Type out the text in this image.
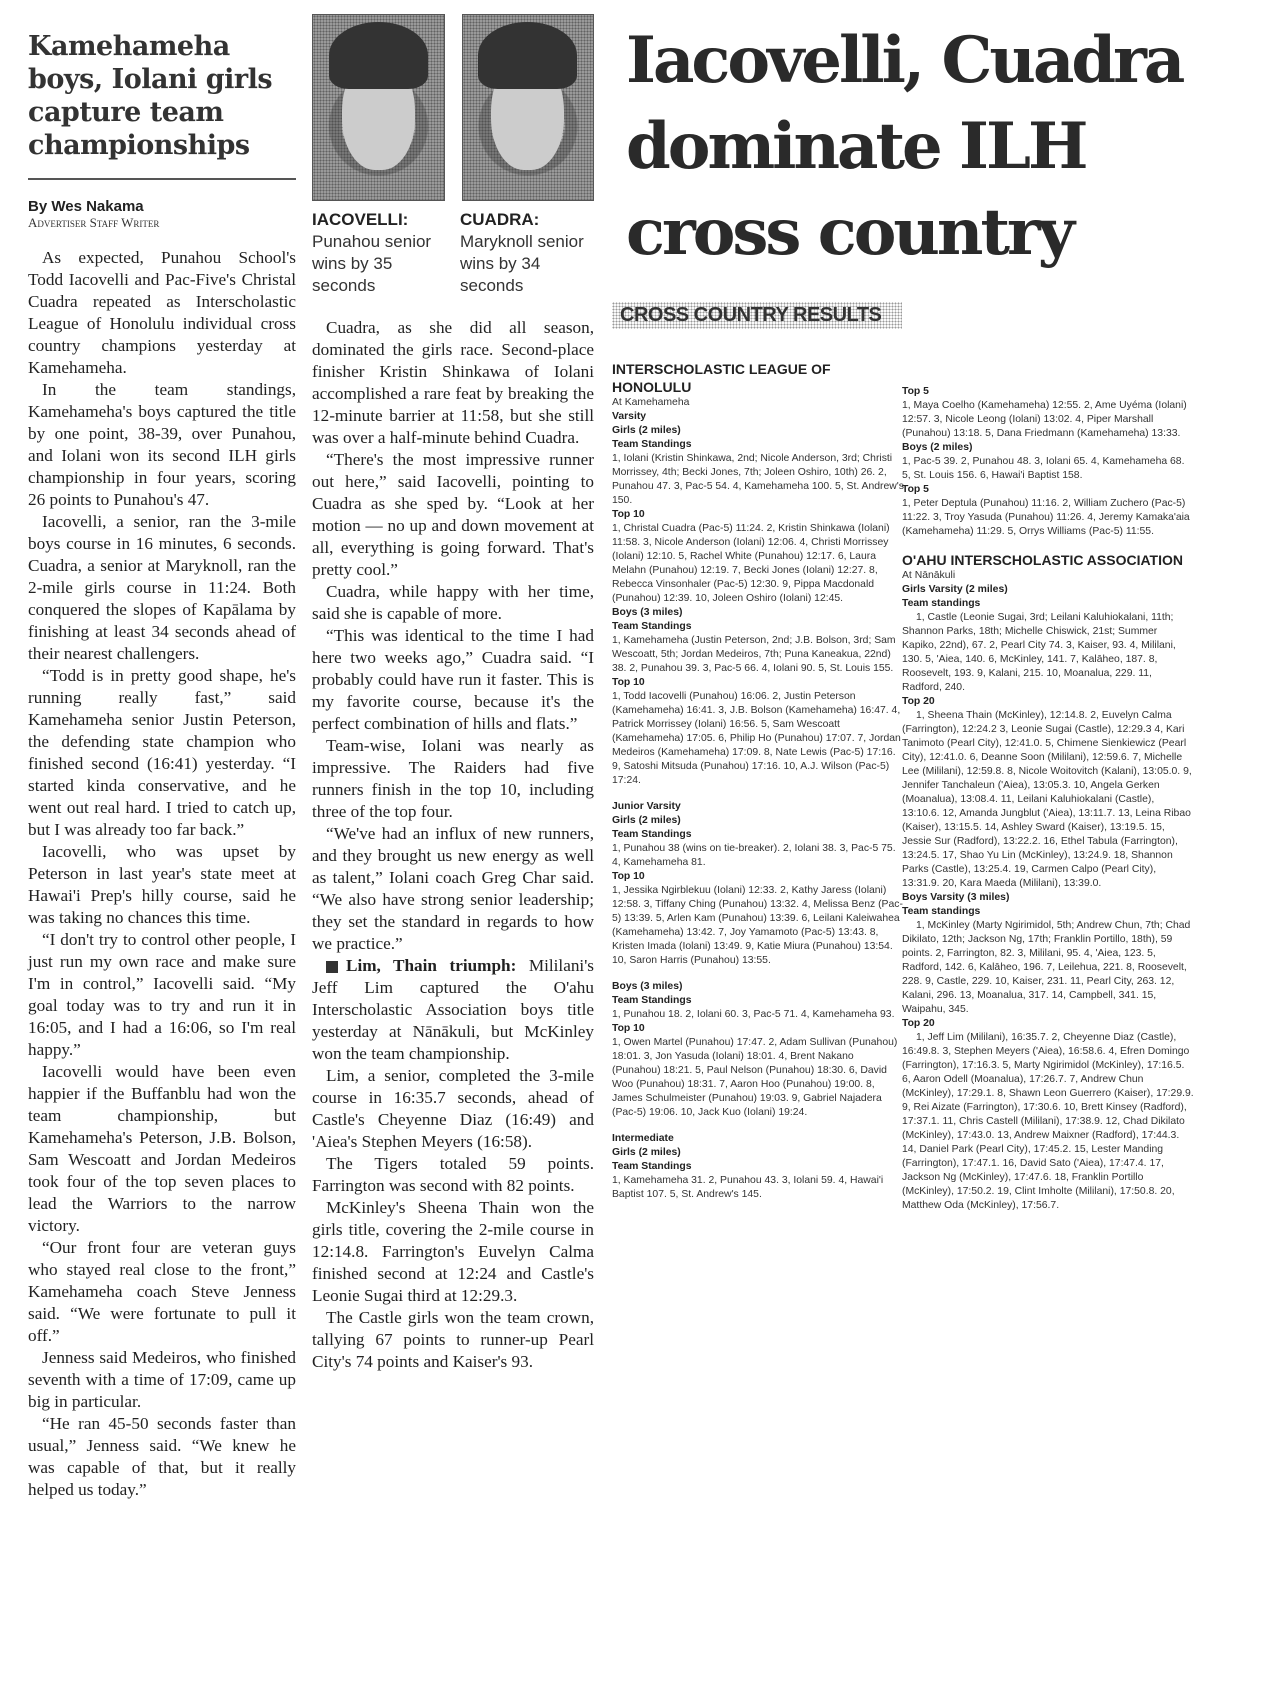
Kamehameha boys, Iolani girls capture team championships
By Wes Nakama
Advertiser Staff Writer

As expected, Punahou School's Todd Iacovelli and Pac-Five's Christal Cuadra repeated as Interscholastic League of Honolulu individual cross country champions yesterday at Kamehameha.

In the team standings, Kamehameha's boys captured the title by one point, 38-39, over Punahou, and Iolani won its second ILH girls championship in four years, scoring 26 points to Punahou's 47.

Iacovelli, a senior, ran the 3-mile boys course in 16 minutes, 6 seconds. Cuadra, a senior at Maryknoll, ran the 2-mile girls course in 11:24. Both conquered the slopes of Kapālama by finishing at least 34 seconds ahead of their nearest challengers.

“Todd is in pretty good shape, he's running really fast,” said Kamehameha senior Justin Peterson, the defending state champion who finished second (16:41) yesterday. “I started kinda conservative, and he went out real hard. I tried to catch up, but I was already too far back.”

Iacovelli, who was upset by Peterson in last year's state meet at Hawai'i Prep's hilly course, said he was taking no chances this time.

“I don't try to control other people, I just run my own race and make sure I'm in control,” Iacovelli said. “My goal today was to try and run it in 16:05, and I had a 16:06, so I'm real happy.”

Iacovelli would have been even happier if the Buffanblu had won the team championship, but Kamehameha's Peterson, J.B. Bolson, Sam Wescoatt and Jordan Medeiros took four of the top seven places to lead the Warriors to the narrow victory.

“Our front four are veteran guys who stayed real close to the front,” Kamehameha coach Steve Jenness said. “We were fortunate to pull it off.”

Jenness said Medeiros, who finished seventh with a time of 17:09, came up big in particular.

“He ran 45-50 seconds faster than usual,” Jenness said. “We knew he was capable of that, but it really helped us today.”

IACOVELLI:
Punahou senior wins by 35 seconds
CUADRA:
Maryknoll senior wins by 34 seconds

Cuadra, as she did all season, dominated the girls race. Second-place finisher Kristin Shinkawa of Iolani accomplished a rare feat by breaking the 12-minute barrier at 11:58, but she still was over a half-minute behind Cuadra.

“There's the most impressive runner out here,” said Iacovelli, pointing to Cuadra as she sped by. “Look at her motion — no up and down movement at all, everything is going forward. That's pretty cool.”

Cuadra, while happy with her time, said she is capable of more.

“This was identical to the time I had here two weeks ago,” Cuadra said. “I probably could have run it faster. This is my favorite course, because it's the perfect combination of hills and flats.”

Team-wise, Iolani was nearly as impressive. The Raiders had five runners finish in the top 10, including three of the top four.

“We've had an influx of new runners, and they brought us new energy as well as talent,” Iolani coach Greg Char said. “We also have strong senior leadership; they set the standard in regards to how we practice.”

Lim, Thain triumph: Mililani's Jeff Lim captured the O'ahu Interscholastic Association boys title yesterday at Nānākuli, but McKinley won the team championship.

Lim, a senior, completed the 3-mile course in 16:35.7 seconds, ahead of Castle's Cheyenne Diaz (16:49) and 'Aiea's Stephen Meyers (16:58).

The Tigers totaled 59 points. Farrington was second with 82 points.

McKinley's Sheena Thain won the girls title, covering the 2-mile course in 12:14.8. Farrington's Euvelyn Calma finished second at 12:24 and Castle's Leonie Sugai third at 12:29.3.

The Castle girls won the team crown, tallying 67 points to runner-up Pearl City's 74 points and Kaiser's 93.

Iacovelli, Cuadra dominate ILH cross country
CROSS COUNTRY RESULTS
INTERSCHOLASTIC LEAGUE OF HONOLULU
At Kamehameha
Varsity
Girls (2 miles)
Team Standings

1, Iolani (Kristin Shinkawa, 2nd; Nicole Anderson, 3rd; Christi Morrissey, 4th; Becki Jones, 7th; Joleen Oshiro, 10th) 26. 2, Punahou 47. 3, Pac-5 54. 4, Kamehameha 100. 5, St. Andrew's 150.

Top 10

1, Christal Cuadra (Pac-5) 11:24. 2, Kristin Shinkawa (Iolani) 11:58. 3, Nicole Anderson (Iolani) 12:06. 4, Christi Morrissey (Iolani) 12:10. 5, Rachel White (Punahou) 12:17. 6, Laura Melahn (Punahou) 12:19. 7, Becki Jones (Iolani) 12:27. 8, Rebecca Vinsonhaler (Pac-5) 12:30. 9, Pippa Macdonald (Punahou) 12:39. 10, Joleen Oshiro (Iolani) 12:45.

Boys (3 miles)
Team Standings

1, Kamehameha (Justin Peterson, 2nd; J.B. Bolson, 3rd; Sam Wescoatt, 5th; Jordan Medeiros, 7th; Puna Kaneakua, 22nd) 38. 2, Punahou 39. 3, Pac-5 66. 4, Iolani 90. 5, St. Louis 155.

Top 10

1, Todd Iacovelli (Punahou) 16:06. 2, Justin Peterson (Kamehameha) 16:41. 3, J.B. Bolson (Kamehameha) 16:47. 4, Patrick Morrissey (Iolani) 16:56. 5, Sam Wescoatt (Kamehameha) 17:05. 6, Philip Ho (Punahou) 17:07. 7, Jordan Medeiros (Kamehameha) 17:09. 8, Nate Lewis (Pac-5) 17:16. 9, Satoshi Mitsuda (Punahou) 17:16. 10, A.J. Wilson (Pac-5) 17:24.

Junior Varsity
Girls (2 miles)
Team Standings

1, Punahou 38 (wins on tie-breaker). 2, Iolani 38. 3, Pac-5 75. 4, Kamehameha 81.

Top 10

1, Jessika Ngirblekuu (Iolani) 12:33. 2, Kathy Jaress (Iolani) 12:58. 3, Tiffany Ching (Punahou) 13:32. 4, Melissa Benz (Pac-5) 13:39. 5, Arlen Kam (Punahou) 13:39. 6, Leilani Kaleiwahea (Kamehameha) 13:42. 7, Joy Yamamoto (Pac-5) 13:43. 8, Kristen Imada (Iolani) 13:49. 9, Katie Miura (Punahou) 13:54. 10, Saron Harris (Punahou) 13:55.

Boys (3 miles)
Team Standings

1, Punahou 18. 2, Iolani 60. 3, Pac-5 71. 4, Kamehameha 93.

Top 10

1, Owen Martel (Punahou) 17:47. 2, Adam Sullivan (Punahou) 18:01. 3, Jon Yasuda (Iolani) 18:01. 4, Brent Nakano (Punahou) 18:21. 5, Paul Nelson (Punahou) 18:30. 6, David Woo (Punahou) 18:31. 7, Aaron Hoo (Punahou) 19:00. 8, James Schulmeister (Punahou) 19:03. 9, Gabriel Najadera (Pac-5) 19:06. 10, Jack Kuo (Iolani) 19:24.

Intermediate
Girls (2 miles)
Team Standings

1, Kamehameha 31. 2, Punahou 43. 3, Iolani 59. 4, Hawai'i Baptist 107. 5, St. Andrew's 145.

Top 5

1, Maya Coelho (Kamehameha) 12:55. 2, Ame Uyéma (Iolani) 12:57. 3, Nicole Leong (Iolani) 13:02. 4, Piper Marshall (Punahou) 13:18. 5, Dana Friedmann (Kamehameha) 13:33.

Boys (2 miles)

1, Pac-5 39. 2, Punahou 48. 3, Iolani 65. 4, Kamehameha 68. 5, St. Louis 156. 6, Hawai'i Baptist 158.

Top 5

1, Peter Deptula (Punahou) 11:16. 2, William Zuchero (Pac-5) 11:22. 3, Troy Yasuda (Punahou) 11:26. 4, Jeremy Kamaka'aia (Kamehameha) 11:29. 5, Orrys Williams (Pac-5) 11:55.

O'AHU INTERSCHOLASTIC ASSOCIATION
At Nānākuli
Girls Varsity (2 miles)
Team standings

1, Castle (Leonie Sugai, 3rd; Leilani Kaluhiokalani, 11th; Shannon Parks, 18th; Michelle Chiswick, 21st; Summer Kapiko, 22nd), 67. 2, Pearl City 74. 3, Kaiser, 93. 4, Mililani, 130. 5, 'Aiea, 140. 6, McKinley, 141. 7, Kalāheo, 187. 8, Roosevelt, 193. 9, Kalani, 215. 10, Moanalua, 229. 11, Radford, 240.

Top 20

1, Sheena Thain (McKinley), 12:14.8. 2, Euvelyn Calma (Farrington), 12:24.2 3, Leonie Sugai (Castle), 12:29.3 4, Kari Tanimoto (Pearl City), 12:41.0. 5, Chimene Sienkiewicz (Pearl City), 12:41.0. 6, Deanne Soon (Mililani), 12:59.6. 7, Michelle Lee (Mililani), 12:59.8. 8, Nicole Woitovitch (Kalani), 13:05.0. 9, Jennifer Tanchaleun ('Aiea), 13:05.3. 10, Angela Gerken (Moanalua), 13:08.4. 11, Leilani Kaluhiokalani (Castle), 13:10.6. 12, Amanda Jungblut ('Aiea), 13:11.7. 13, Leina Ribao (Kaiser), 13:15.5. 14, Ashley Sward (Kaiser), 13:19.5. 15, Jessie Sur (Radford), 13:22.2. 16, Ethel Tabula (Farrington), 13:24.5. 17, Shao Yu Lin (McKinley), 13:24.9. 18, Shannon Parks (Castle), 13:25.4. 19, Carmen Calpo (Pearl City), 13:31.9. 20, Kara Maeda (Mililani), 13:39.0.

Boys Varsity (3 miles)
Team standings

1, McKinley (Marty Ngirimidol, 5th; Andrew Chun, 7th; Chad Dikilato, 12th; Jackson Ng, 17th; Franklin Portillo, 18th), 59 points. 2, Farrington, 82. 3, Mililani, 95. 4, 'Aiea, 123. 5, Radford, 142. 6, Kalāheo, 196. 7, Leilehua, 221. 8, Roosevelt, 228. 9, Castle, 229. 10, Kaiser, 231. 11, Pearl City, 263. 12, Kalani, 296. 13, Moanalua, 317. 14, Campbell, 341. 15, Waipahu, 345.

Top 20

1, Jeff Lim (Mililani), 16:35.7. 2, Cheyenne Diaz (Castle), 16:49.8. 3, Stephen Meyers ('Aiea), 16:58.6. 4, Efren Domingo (Farrington), 17:16.3. 5, Marty Ngirimidol (McKinley), 17:16.5. 6, Aaron Odell (Moanalua), 17:26.7. 7, Andrew Chun (McKinley), 17:29.1. 8, Shawn Leon Guerrero (Kaiser), 17:29.9. 9, Rei Aizate (Farrington), 17:30.6. 10, Brett Kinsey (Radford), 17:37.1. 11, Chris Castell (Mililani), 17:38.9. 12, Chad Dikilato (McKinley), 17:43.0. 13, Andrew Maixner (Radford), 17:44.3. 14, Daniel Park (Pearl City), 17:45.2. 15, Lester Manding (Farrington), 17:47.1. 16, David Sato ('Aiea), 17:47.4. 17, Jackson Ng (McKinley), 17:47.6. 18, Franklin Portillo (McKinley), 17:50.2. 19, Clint Imholte (Mililani), 17:50.8. 20, Matthew Oda (McKinley), 17:56.7.
